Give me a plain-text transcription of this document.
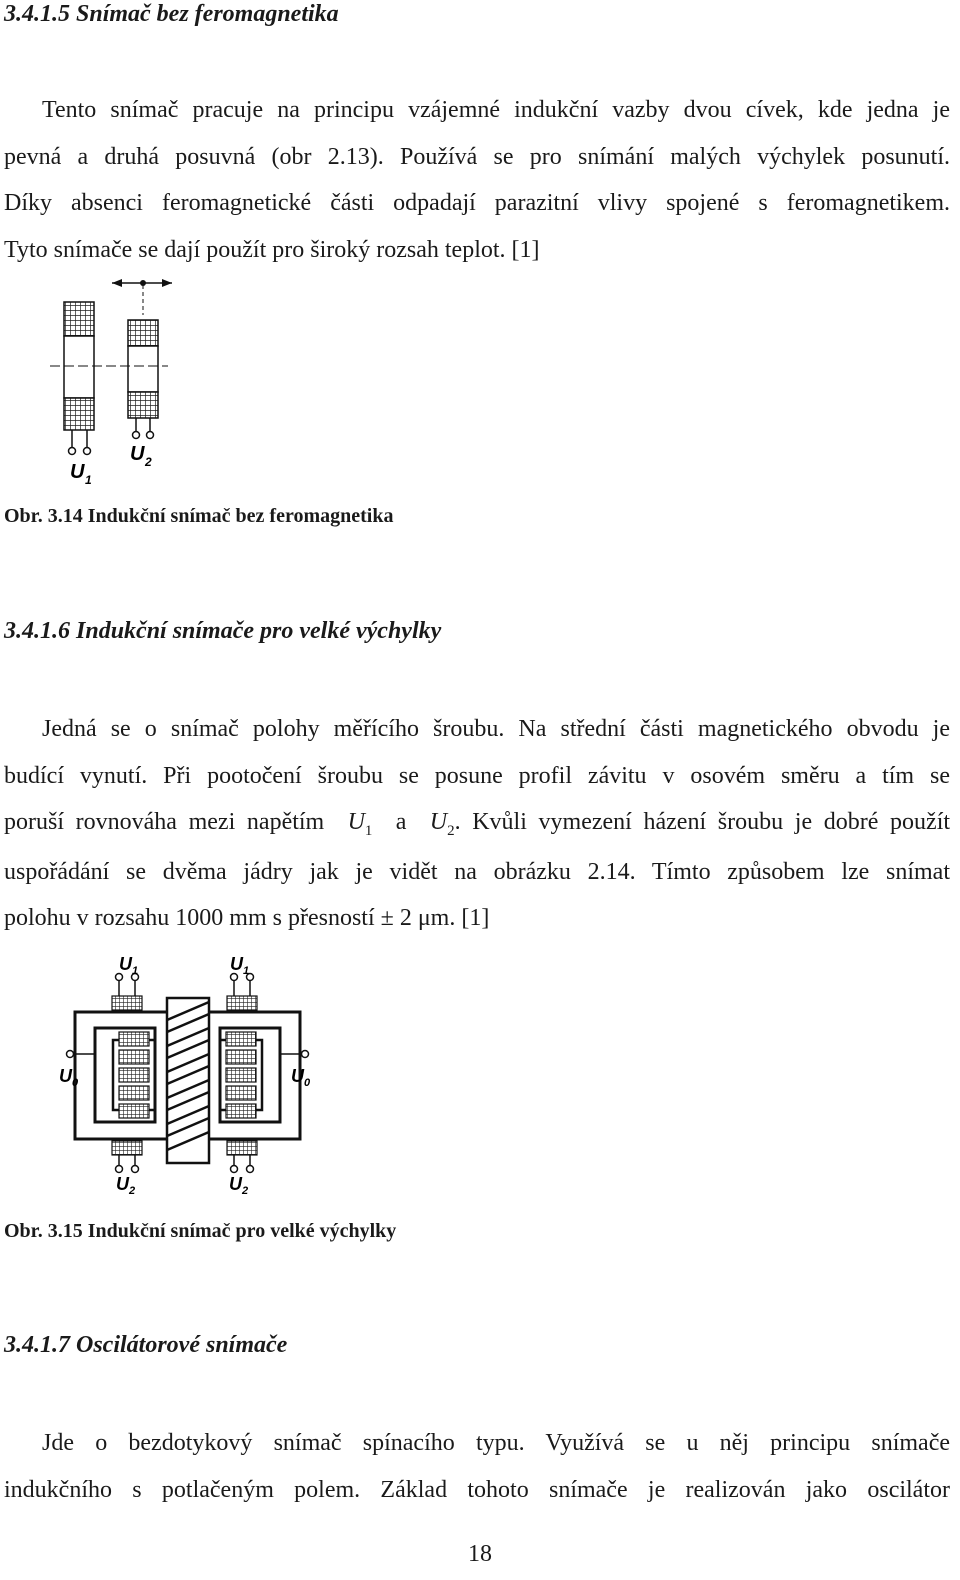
3.4.1.5 Snímač bez feromagnetika
Tento snímač pracuje na principu vzájemné indukční vazby dvou cívek, kde jedna je
pevná a druhá posuvná (obr 2.13). Používá se pro snímání malých výchylek posunutí.
Díky absenci feromagnetické části odpadají parazitní vlivy spojené s feromagnetikem.
Tyto snímače se dají použít pro široký rozsah teplot. [1]
U 1
U 2

Obr. 3.14 Indukční snímač bez feromagnetika

3.4.1.6 Indukční snímače pro velké výchylky
Jedná se o snímač polohy měřícího šroubu. Na střední části magnetického obvodu je
budící vynutí. Při pootočení šroubu se posune profil závitu v osovém směru a tím se
poruší rovnováha mezi napětím $U_1$ a $U_2$. Kvůli vymezení házení šroubu je dobré použít
uspořádání se dvěma jádry jak je vidět na obrázku 2.14. Tímto způsobem lze snímat
polohu v rozsahu 1000 mm s přesností ± 2 μm. [1]
U 1	U 1
U 0	U 0
U 2	U 2

Obr. 3.15 Indukční snímač pro velké výchylky

3.4.1.7 Oscilátorové snímače
Jde o bezdotykový snímač spínacího typu. Využívá se u něj principu snímače
indukčního s potlačeným polem. Základ tohoto snímače je realizován jako oscilátor
18
